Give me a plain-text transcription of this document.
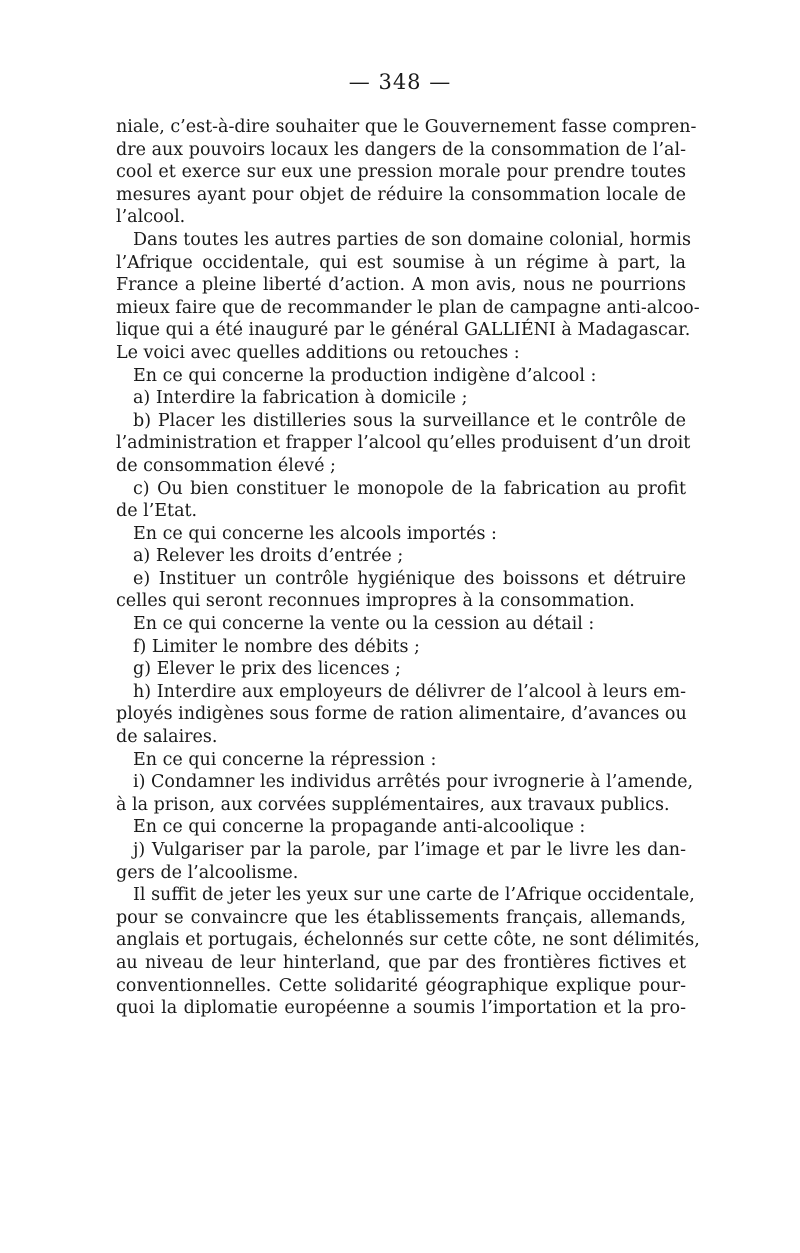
— 348 —
niale, c’est-à-dire souhaiter que le Gouvernement fasse compren-
dre aux pouvoirs locaux les dangers de la consommation de l’al-
cool et exerce sur eux une pression morale pour prendre toutes
mesures ayant pour objet de réduire la consommation locale de
l’alcool.
Dans toutes les autres parties de son domaine colonial, hormis
l’Afrique occidentale, qui est soumise à un régime à part, la
France a pleine liberté d’action. A mon avis, nous ne pourrions
mieux faire que de recommander le plan de campagne anti-alcoo-
lique qui a été inauguré par le général GALLIÉNI à Madagascar.
Le voici avec quelles additions ou retouches :
En ce qui concerne la production indigène d’alcool :
a) Interdire la fabrication à domicile ;
b) Placer les distilleries sous la surveillance et le contrôle de
l’administration et frapper l’alcool qu’elles produisent d’un droit
de consommation élevé ;
c) Ou bien constituer le monopole de la fabrication au profit
de l’Etat.
En ce qui concerne les alcools importés :
a) Relever les droits d’entrée ;
e) Instituer un contrôle hygiénique des boissons et détruire
celles qui seront reconnues impropres à la consommation.
En ce qui concerne la vente ou la cession au détail :
f) Limiter le nombre des débits ;
g) Elever le prix des licences ;
h) Interdire aux employeurs de délivrer de l’alcool à leurs em-
ployés indigènes sous forme de ration alimentaire, d’avances ou
de salaires.
En ce qui concerne la répression :
i) Condamner les individus arrêtés pour ivrognerie à l’amende,
à la prison, aux corvées supplémentaires, aux travaux publics.
En ce qui concerne la propagande anti-alcoolique :
j) Vulgariser par la parole, par l’image et par le livre les dan-
gers de l’alcoolisme.
Il suffit de jeter les yeux sur une carte de l’Afrique occidentale,
pour se convaincre que les établissements français, allemands,
anglais et portugais, échelonnés sur cette côte, ne sont délimités,
au niveau de leur hinterland, que par des frontières fictives et
conventionnelles. Cette solidarité géographique explique pour-
quoi la diplomatie européenne a soumis l’importation et la pro-
